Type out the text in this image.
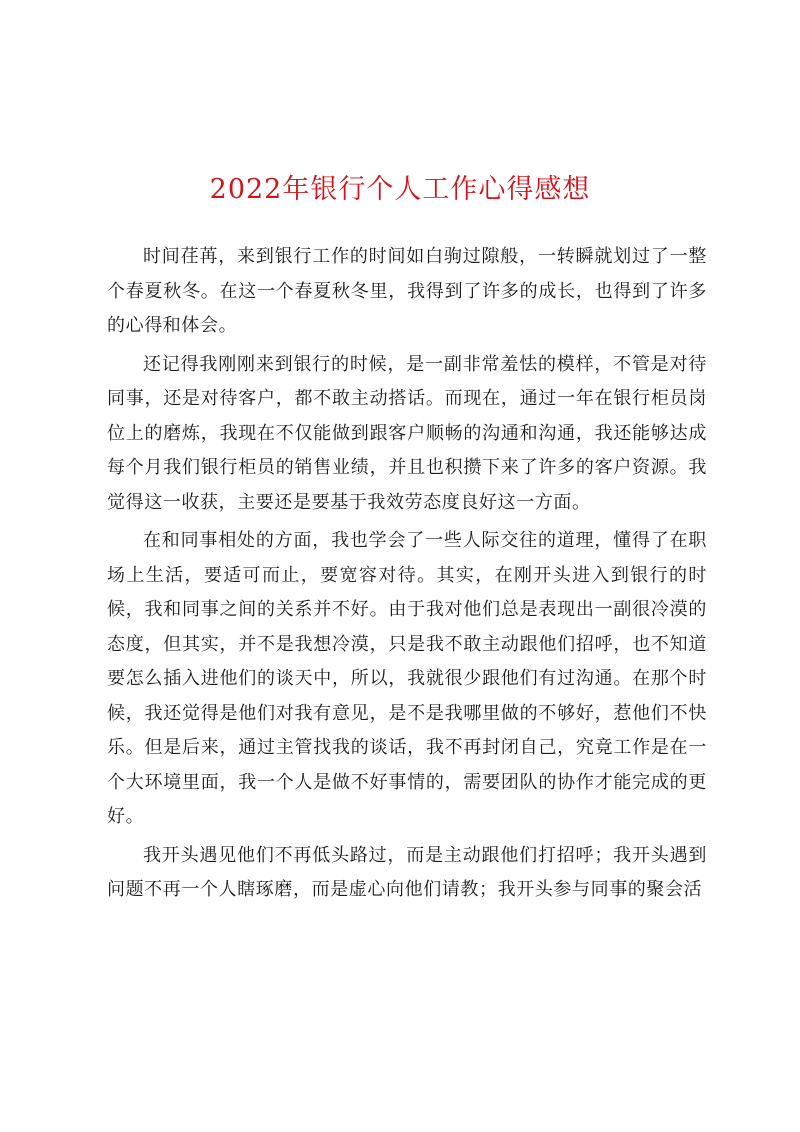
2022年银行个人工作心得感想

时间荏苒，来到银行工作的时间如白驹过隙般，一转瞬就划过了一整个春夏秋冬。在这一个春夏秋冬里，我得到了许多的成长，也得到了许多的心得和体会。

还记得我刚刚来到银行的时候，是一副非常羞怯的模样，不管是对待同事，还是对待客户，都不敢主动搭话。而现在，通过一年在银行柜员岗位上的磨炼，我现在不仅能做到跟客户顺畅的沟通和沟通，我还能够达成每个月我们银行柜员的销售业绩，并且也积攒下来了许多的客户资源。我觉得这一收获，主要还是要基于我效劳态度良好这一方面。

在和同事相处的方面，我也学会了一些人际交往的道理，懂得了在职场上生活，要适可而止，要宽容对待。其实，在刚开头进入到银行的时候，我和同事之间的关系并不好。由于我对他们总是表现出一副很冷漠的态度，但其实，并不是我想冷漠，只是我不敢主动跟他们招呼，也不知道要怎么插入进他们的谈天中，所以，我就很少跟他们有过沟通。在那个时候，我还觉得是他们对我有意见，是不是我哪里做的不够好，惹他们不快乐。但是后来，通过主管找我的谈话，我不再封闭自己，究竟工作是在一个大环境里面，我一个人是做不好事情的，需要团队的协作才能完成的更好。

我开头遇见他们不再低头路过，而是主动跟他们打招呼；我开头遇到问题不再一个人瞎琢磨，而是虚心向他们请教；我开头参与同事的聚会活
